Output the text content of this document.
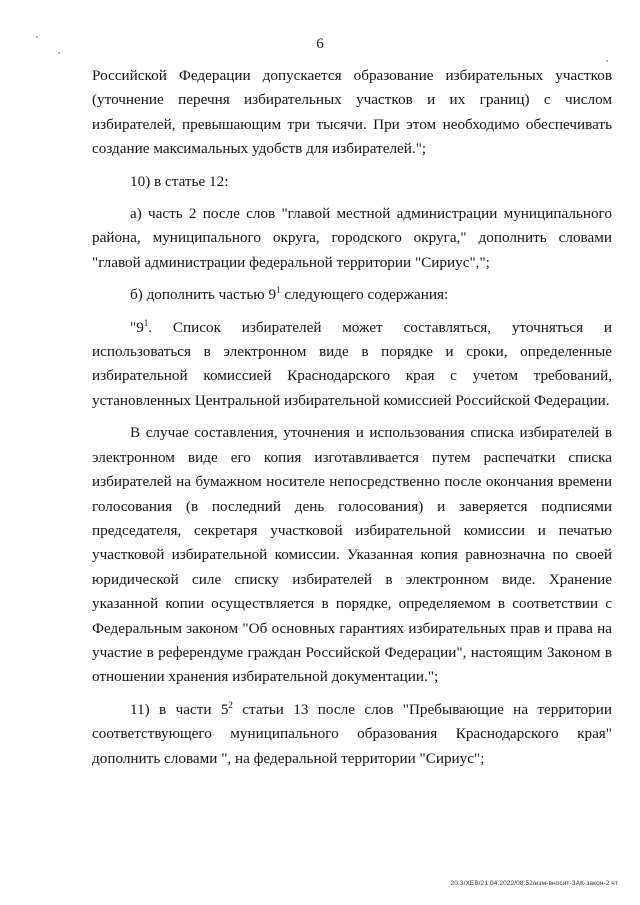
6

Российской Федерации допускается образование избирательных участков (уточнение перечня избирательных участков и их границ) с числом избирателей, превышающим три тысячи. При этом необходимо обеспечивать создание максимальных удобств для избирателей.";

10) в статье 12:

а) часть 2 после слов "главой местной администрации муниципального района, муниципального округа, городского округа," дополнить словами "главой администрации федеральной территории "Сириус",";

б) дополнить частью $9^1$ следующего содержания:

"$9^1$. Список избирателей может составляться, уточняться и использоваться в электронном виде в порядке и сроки, определенные избирательной комиссией Краснодарского края с учетом требований, установленных Центральной избирательной комиссией Российской Федерации.

В случае составления, уточнения и использования списка избирателей в электронном виде его копия изготавливается путем распечатки списка избирателей на бумажном носителе непосредственно после окончания времени голосования (в последний день голосования) и заверяется подписями председателя, секретаря участковой избирательной комиссии и печатью участковой избирательной комиссии. Указанная копия равнозначна по своей юридической силе списку избирателей в электронном виде. Хранение указанной копии осуществляется в порядке, определяемом в соответствии с Федеральным законом "Об основных гарантиях избирательных прав и права на участие в референдуме граждан Российской Федерации", настоящим Законом в отношении хранения избирательной документации.";

11) в части $5^2$ статьи 13 после слов "Пребывающие на территории соответствующего муниципального образования Краснодарского края" дополнить словами ", на федеральной территории "Сириус";

20.3/XEB/21.04.2022/08:52/изм-вносят-ЗАК-закон-2 чт
